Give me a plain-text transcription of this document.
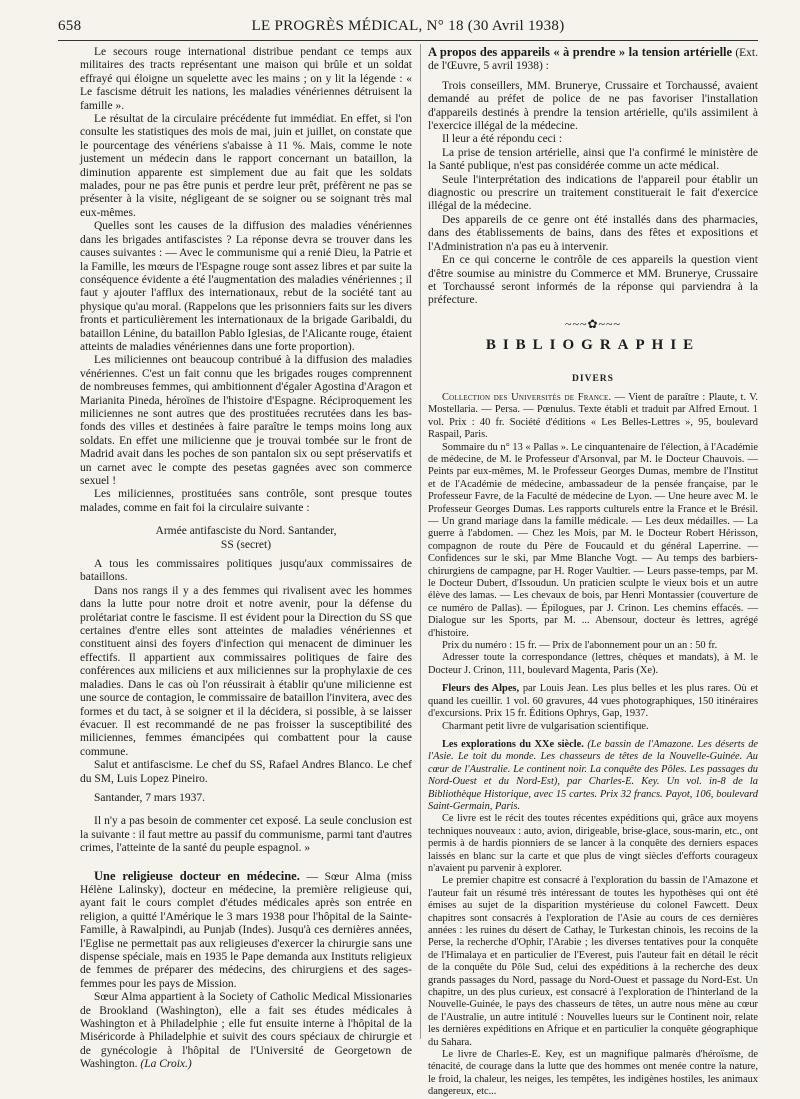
658	LE PROGRÈS MÉDICAL, N° 18 (30 Avril 1938)

Le secours rouge international distribue pendant ce temps aux militaires des tracts représentant une maison qui brûle et un soldat effrayé qui éloigne un squelette avec les mains ; on y lit la légende : « Le fascisme détruit les nations, les maladies vénériennes détruisent la famille ».

Le résultat de la circulaire précédente fut immédiat. En effet, si l'on consulte les statistiques des mois de mai, juin et juillet, on constate que le pourcentage des vénériens s'abaisse à 11 %. Mais, comme le note justement un médecin dans le rapport concernant un bataillon, la diminution apparente est simplement due au fait que les soldats malades, pour ne pas être punis et perdre leur prêt, préfèrent ne pas se présenter à la visite, négligeant de se soigner ou se soignant très mal eux-mêmes.

Quelles sont les causes de la diffusion des maladies vénériennes dans les brigades antifascistes ? La réponse devra se trouver dans les causes suivantes : — Avec le communisme qui a renié Dieu, la Patrie et la Famille, les mœurs de l'Espagne rouge sont assez libres et par suite la conséquence évidente a été l'augmentation des maladies vénériennes ; il faut y ajouter l'afflux des internationaux, rebut de la société tant au physique qu'au moral. (Rappelons que les prisonniers faits sur les divers fronts et particulièrement les internationaux de la brigade Garibaldi, du bataillon Lénine, du bataillon Pablo Iglesias, de l'Alicante rouge, étaient atteints de maladies vénériennes dans une forte proportion).

Les miliciennes ont beaucoup contribué à la diffusion des maladies vénériennes. C'est un fait connu que les brigades rouges comprennent de nombreuses femmes, qui ambitionnent d'égaler Agostina d'Aragon et Marianita Pineda, héroïnes de l'histoire d'Espagne. Réciproquement les miliciennes ne sont autres que des prostituées recrutées dans les bas-fonds des villes et destinées à faire paraître le temps moins long aux soldats. En effet une milicienne que je trouvai tombée sur le front de Madrid avait dans les poches de son pantalon six ou sept préservatifs et un carnet avec le compte des pesetas gagnées avec son commerce sexuel !

Les miliciennes, prostituées sans contrôle, sont presque toutes malades, comme en fait foi la circulaire suivante :

Armée antifasciste du Nord. Santander,

SS (secret)

A tous les commissaires politiques jusqu'aux commissaires de bataillons.

Dans nos rangs il y a des femmes qui rivalisent avec les hommes dans la lutte pour notre droit et notre avenir, pour la défense du prolétariat contre le fascisme. Il est évident pour la Direction du SS que certaines d'entre elles sont atteintes de maladies vénériennes et constituent ainsi des foyers d'infection qui menacent de diminuer les effectifs. Il appartient aux commissaires politiques de faire des conférences aux miliciens et aux miliciennes sur la prophylaxie de ces maladies. Dans le cas où l'on réussirait à établir qu'une milicienne est une source de contagion, le commissaire de bataillon l'invitera, avec des formes et du tact, à se soigner et il la décidera, si possible, à se laisser évacuer. Il est recommandé de ne pas froisser la susceptibilité des miliciennes, femmes émancipées qui combattent pour la cause commune.

Salut et antifascisme. Le chef du SS, Rafael Andres Blanco. Le chef du SM, Luis Lopez Pineiro.

Santander, 7 mars 1937.

Il n'y a pas besoin de commenter cet exposé. La seule conclusion est la suivante : il faut mettre au passif du communisme, parmi tant d'autres crimes, l'atteinte de la santé du peuple espagnol. »

Une religieuse docteur en médecine. — Sœur Alma (miss Hélène Lalinsky), docteur en médecine, la première religieuse qui, ayant fait le cours complet d'études médicales après son entrée en religion, a quitté l'Amérique le 3 mars 1938 pour l'hôpital de la Sainte-Famille, à Rawalpindi, au Punjab (Indes). Jusqu'à ces dernières années, l'Eglise ne permettait pas aux religieuses d'exercer la chirurgie sans une dispense spéciale, mais en 1935 le Pape demanda aux Instituts religieux de femmes de préparer des médecins, des chirurgiens et des sages-femmes pour les pays de Mission.

Sœur Alma appartient à la Society of Catholic Medical Missionaries de Brookland (Washington), elle a fait ses études médicales à Washington et à Philadelphie ; elle fut ensuite interne à l'hôpital de la Miséricorde à Philadelphie et suivit des cours spéciaux de chirurgie et de gynécologie à l'hôpital de l'Université de Georgetown de Washington. (La Croix.)

A propos des appareils « à prendre » la tension artérielle (Ext. de l'Œuvre, 5 avril 1938) :

Trois conseillers, MM. Brunerye, Crussaire et Torchaussé, avaient demandé au préfet de police de ne pas favoriser l'installation d'appareils destinés à prendre la tension artérielle, qu'ils assimilent à l'exercice illégal de la médecine.

Il leur a été répondu ceci :

La prise de tension artérielle, ainsi que l'a confirmé le ministère de la Santé publique, n'est pas considérée comme un acte médical.

Seule l'interprétation des indications de l'appareil pour établir un diagnostic ou prescrire un traitement constituerait le fait d'exercice illégal de la médecine.

Des appareils de ce genre ont été installés dans des pharmacies, dans des établissements de bains, dans des fêtes et expositions et l'Administration n'a pas eu à intervenir.

En ce qui concerne le contrôle de ces appareils la question vient d'être soumise au ministre du Commerce et MM. Brunerye, Crussaire et Torchaussé seront informés de la réponse qui parviendra à la préfecture.

~~~✿~~~
BIBLIOGRAPHIE
DIVERS

Collection des Universités de France. — Vient de paraître : Plaute, t. V. Mostellaria. — Persa. — Pœnulus. Texte établi et traduit par Alfred Ernout. 1 vol. Prix : 40 fr. Société d'éditions « Les Belles-Lettres », 95, boulevard Raspail, Paris.

Sommaire du n° 13 « Pallas ». Le cinquantenaire de l'élection, à l'Académie de médecine, de M. le Professeur d'Arsonval, par M. le Docteur Chauvois. — Peints par eux-mêmes, M. le Professeur Georges Dumas, membre de l'Institut et de l'Académie de médecine, ambassadeur de la pensée française, par le Professeur Favre, de la Faculté de médecine de Lyon. — Une heure avec M. le Professeur Georges Dumas. Les rapports culturels entre la France et le Brésil. — Un grand mariage dans la famille médicale. — Les deux médailles. — La guerre à l'abdomen. — Chez les Mois, par M. le Docteur Robert Hérisson, compagnon de route du Père de Foucauld et du général Laperrine. — Confidences sur le ski, par Mme Blanche Vogt. — Au temps des barbiers-chirurgiens de campagne, par H. Roger Vaultier. — Leurs passe-temps, par M. le Docteur Dubert, d'Issoudun. Un praticien sculpte le vieux bois et un autre élève des lamas. — Les chevaux de bois, par Henri Montassier (couverture de ce numéro de Pallas). — Épilogues, par J. Crinon. Les chemins effacés. — Dialogue sur les Sports, par M. ... Abensour, docteur ès lettres, agrégé d'histoire.

Prix du numéro : 15 fr. — Prix de l'abonnement pour un an : 50 fr.

Adresser toute la correspondance (lettres, chèques et mandats), à M. le Docteur J. Crinon, 111, boulevard Magenta, Paris (Xe).

Fleurs des Alpes, par Louis Jean. Les plus belles et les plus rares. Où et quand les cueillir. 1 vol. 60 gravures, 44 vues photographiques, 150 itinéraires d'excursions. Prix 15 fr. Éditions Ophrys, Gap, 1937.

Charmant petit livre de vulgarisation scientifique.

Les explorations du XXe siècle. (Le bassin de l'Amazone. Les déserts de l'Asie. Le toit du monde. Les chasseurs de têtes de la Nouvelle-Guinée. Au cœur de l'Australie. Le continent noir. La conquête des Pôles. Les passages du Nord-Ouest et du Nord-Est), par Charles-E. Key. Un vol. in-8 de la Bibliothèque Historique, avec 15 cartes. Prix 32 francs. Payot, 106, boulevard Saint-Germain, Paris.

Ce livre est le récit des toutes récentes expéditions qui, grâce aux moyens techniques nouveaux : auto, avion, dirigeable, brise-glace, sous-marin, etc., ont permis à de hardis pionniers de se lancer à la conquête des derniers espaces laissés en blanc sur la carte et que plus de vingt siècles d'efforts courageux n'avaient pu parvenir à explorer.

Le premier chapitre est consacré à l'exploration du bassin de l'Amazone et l'auteur fait un résumé très intéressant de toutes les hypothèses qui ont été émises au sujet de la disparition mystérieuse du colonel Fawcett. Deux chapitres sont consacrés à l'exploration de l'Asie au cours de ces dernières années : les ruines du désert de Cathay, le Turkestan chinois, les recoins de la Perse, la recherche d'Ophir, l'Arabie ; les diverses tentatives pour la conquête de l'Himalaya et en particulier de l'Everest, puis l'auteur fait en détail le récit de la conquête du Pôle Sud, celui des expéditions à la recherche des deux grands passages du Nord, passage du Nord-Ouest et passage du Nord-Est. Un chapitre, un des plus curieux, est consacré à l'exploration de l'hinterland de la Nouvelle-Guinée, le pays des chasseurs de têtes, un autre nous mène au cœur de l'Australie, un autre intitulé : Nouvelles lueurs sur le Continent noir, relate les dernières expéditions en Afrique et en particulier la conquête géographique du Sahara.

Le livre de Charles-E. Key, est un magnifique palmarès d'héroïsme, de ténacité, de courage dans la lutte que des hommes ont menée contre la nature, le froid, la chaleur, les neiges, les tempêtes, les indigènes hostiles, les animaux dangereux, etc...
